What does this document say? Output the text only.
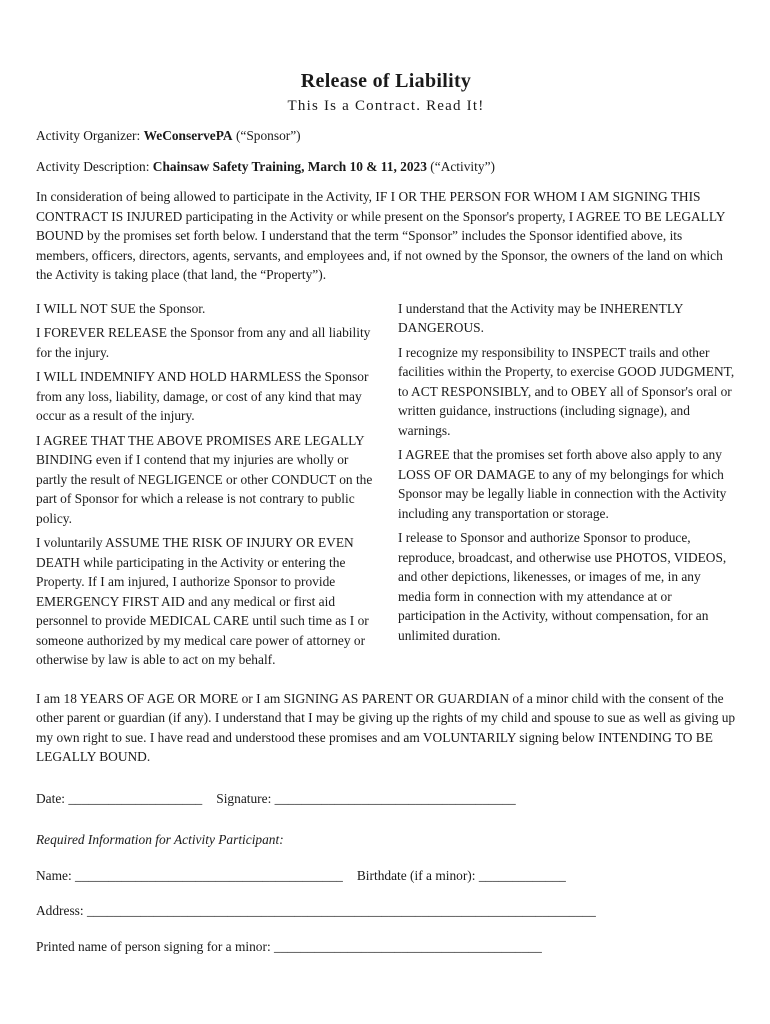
Release of Liability
This Is a Contract. Read It!

Activity Organizer: WeConservePA (“Sponsor”)

Activity Description: Chainsaw Safety Training, March 10 & 11, 2023 (“Activity”)

In consideration of being allowed to participate in the Activity, IF I OR THE PERSON FOR WHOM I AM SIGNING THIS CONTRACT IS INJURED participating in the Activity or while present on the Sponsor's property, I AGREE TO BE LEGALLY BOUND by the promises set forth below. I understand that the term “Sponsor” includes the Sponsor identified above, its members, officers, directors, agents, servants, and employees and, if not owned by the Sponsor, the owners of the land on which the Activity is taking place (that land, the “Property”).

I WILL NOT SUE the Sponsor.

I FOREVER RELEASE the Sponsor from any and all liability for the injury.

I WILL INDEMNIFY AND HOLD HARMLESS the Sponsor from any loss, liability, damage, or cost of any kind that may occur as a result of the injury.

I AGREE THAT THE ABOVE PROMISES ARE LEGALLY BINDING even if I contend that my injuries are wholly or partly the result of NEGLIGENCE or other CONDUCT on the part of Sponsor for which a release is not contrary to public policy.

I voluntarily ASSUME THE RISK OF INJURY OR EVEN DEATH while participating in the Activity or entering the Property. If I am injured, I authorize Sponsor to provide EMERGENCY FIRST AID and any medical or first aid personnel to provide MEDICAL CARE until such time as I or someone authorized by my medical care power of attorney or otherwise by law is able to act on my behalf.

I understand that the Activity may be INHERENTLY DANGEROUS.

I recognize my responsibility to INSPECT trails and other facilities within the Property, to exercise GOOD JUDGMENT, to ACT RESPONSIBLY, and to OBEY all of Sponsor's oral or written guidance, instructions (including signage), and warnings.

I AGREE that the promises set forth above also apply to any LOSS OF OR DAMAGE to any of my belongings for which Sponsor may be legally liable in connection with the Activity including any transportation or storage.

I release to Sponsor and authorize Sponsor to produce, reproduce, broadcast, and otherwise use PHOTOS, VIDEOS, and other depictions, likenesses, or images of me, in any media form in connection with my attendance at or participation in the Activity, without compensation, for an unlimited duration.

I am 18 YEARS OF AGE OR MORE or I am SIGNING AS PARENT OR GUARDIAN of a minor child with the consent of the other parent or guardian (if any). I understand that I may be giving up the rights of my child and spouse to sue as well as giving up my own right to sue. I have read and understood these promises and am VOLUNTARILY signing below INTENDING TO BE LEGALLY BOUND.

Date: ____________________ Signature: ____________________________________

Required Information for Activity Participant:

Name: ________________________________________ Birthdate (if a minor): _____________

Address: ____________________________________________________________________________

Printed name of person signing for a minor: ________________________________________
